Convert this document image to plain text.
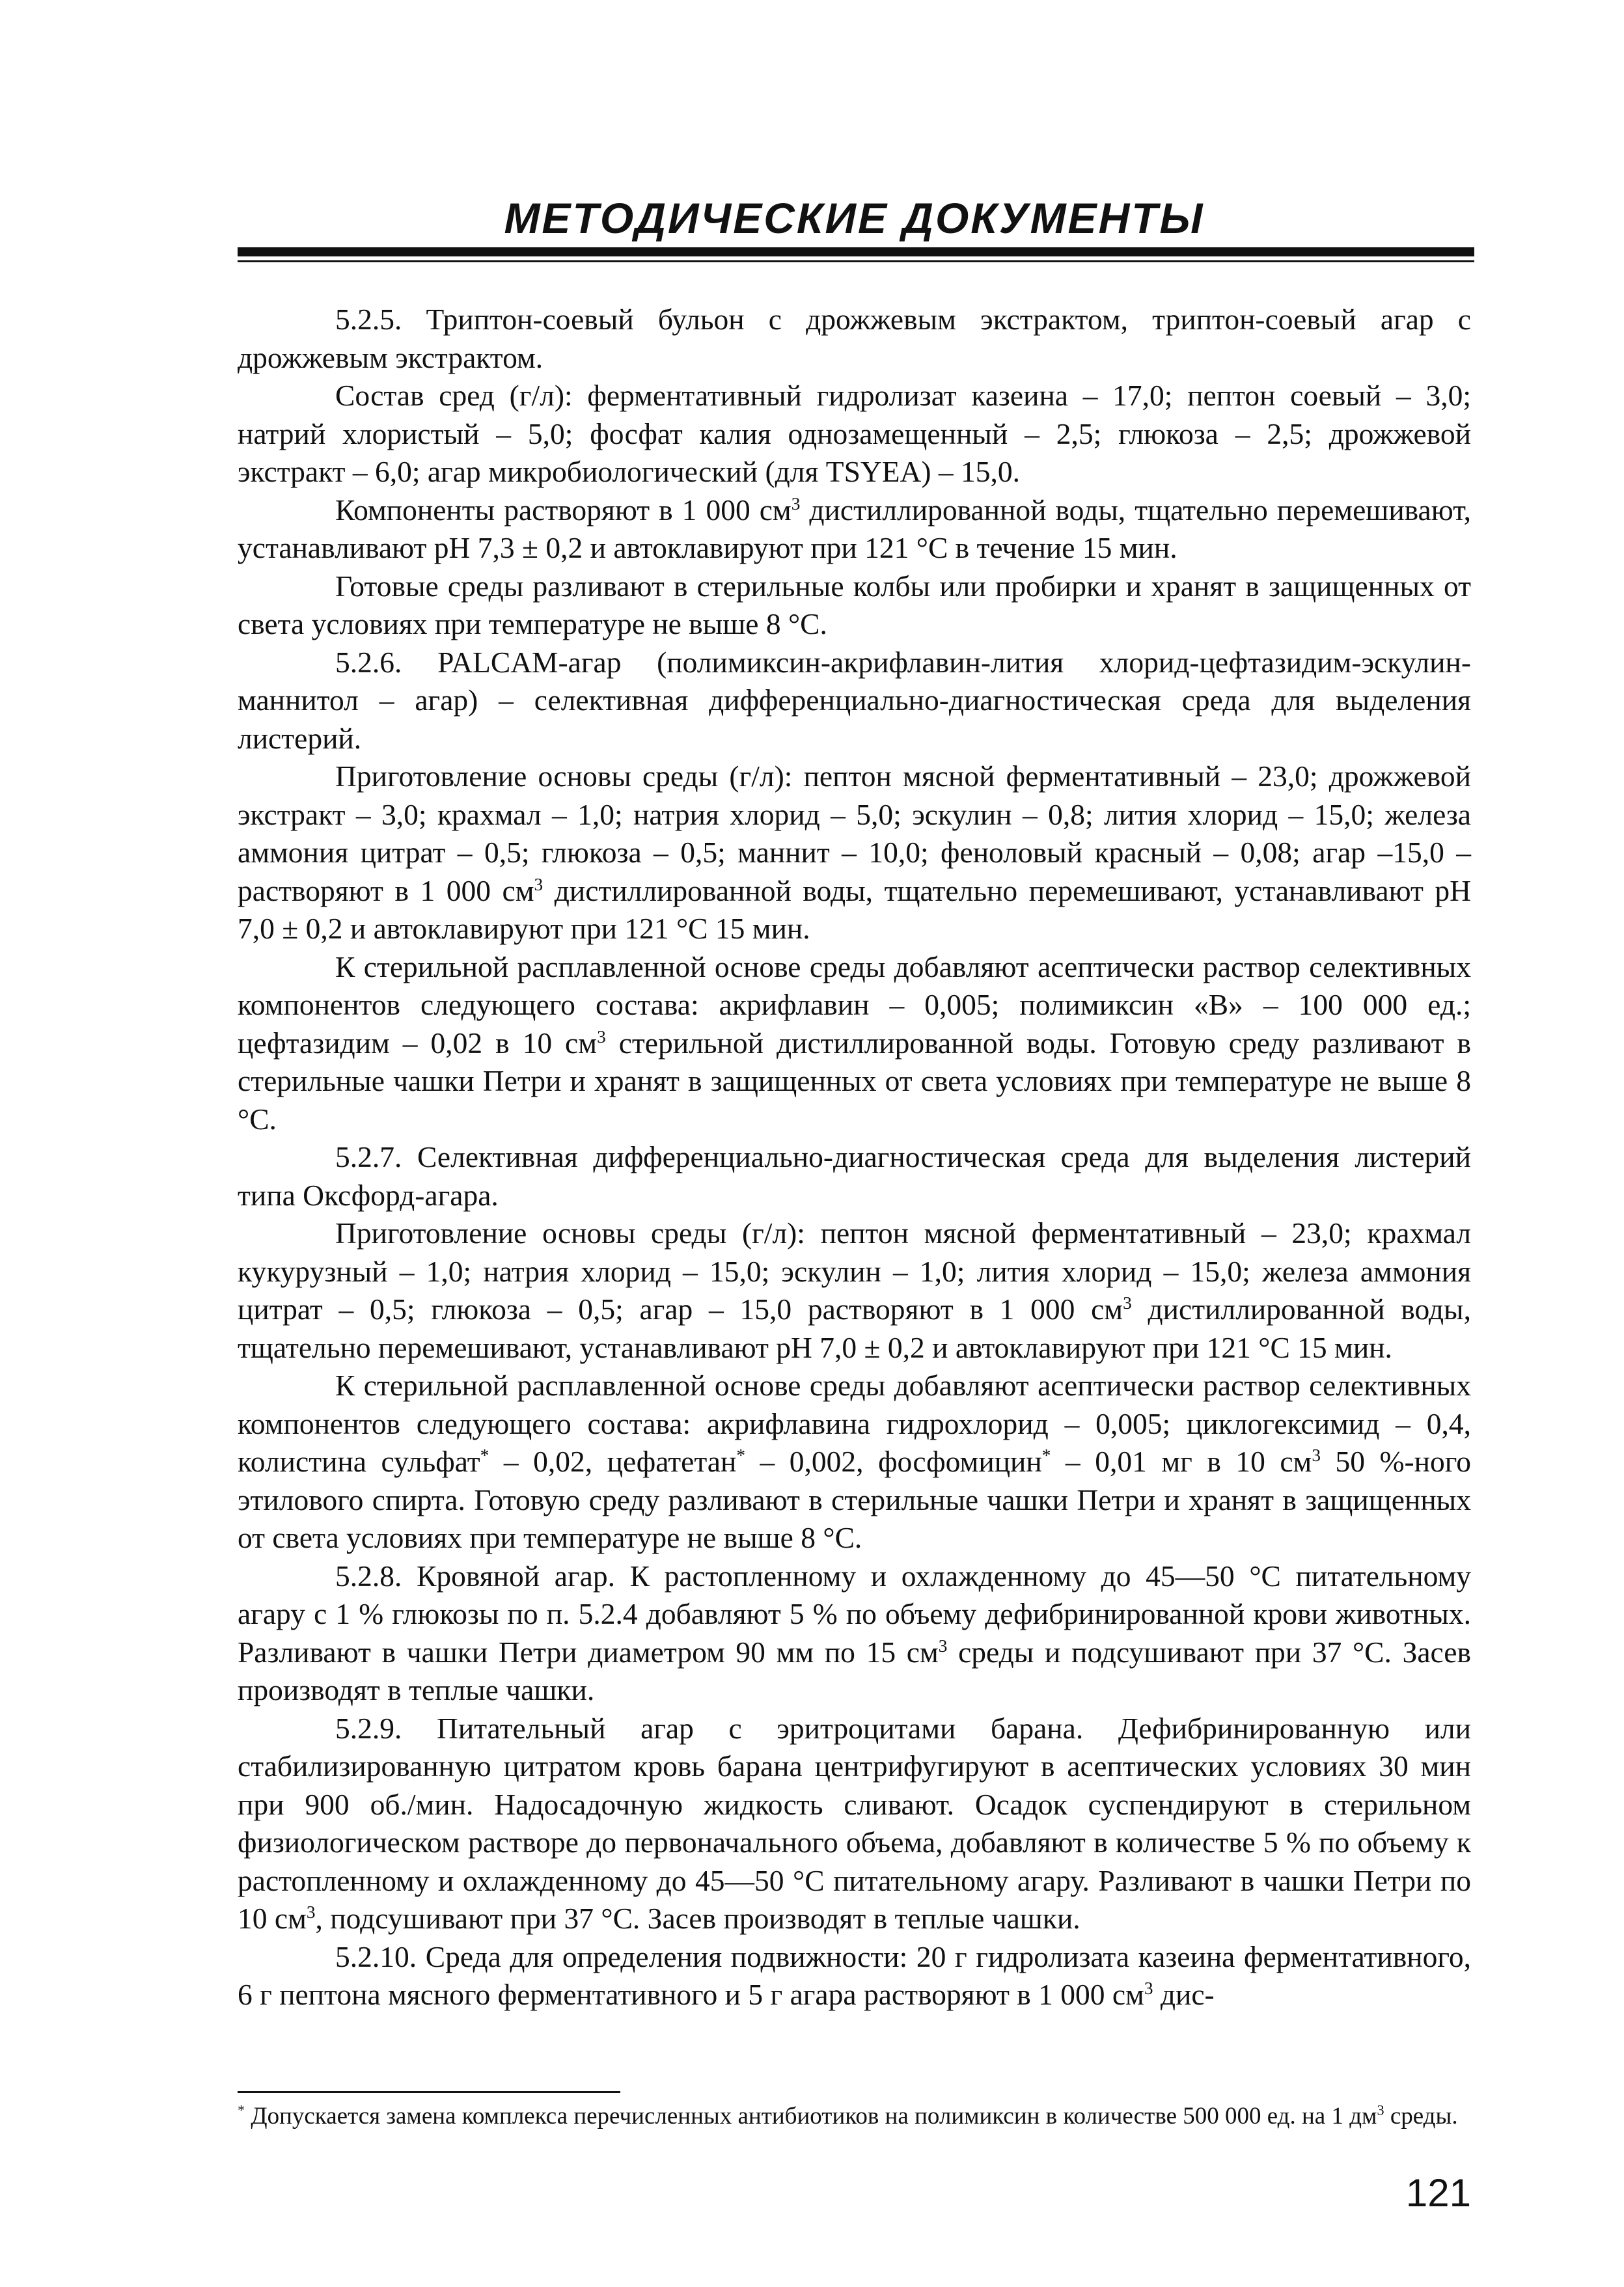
МЕТОДИЧЕСКИЕ ДОКУМЕНТЫ

5.2.5. Триптон-соевый бульон с дрожжевым экстрактом, триптон-соевый агар с дрожжевым экстрактом.

Состав сред (г/л): ферментативный гидролизат казеина – 17,0; пептон соевый – 3,0; натрий хлористый – 5,0; фосфат калия однозамещенный – 2,5; глюкоза – 2,5; дрожжевой экстракт – 6,0; агар микробиологический (для TSYEA) – 15,0.

Компоненты растворяют в 1 000 $см^3$ дистиллированной воды, тщательно перемешивают, устанавливают pH 7,3 ± 0,2 и автоклавируют при 121 °С в течение 15 мин.

Готовые среды разливают в стерильные колбы или пробирки и хранят в защищенных от света условиях при температуре не выше 8 °С.

5.2.6. PALCAM-агар (полимиксин-акрифлавин-лития хлорид-цефтазидим-эскулин-маннитол – агар) – селективная дифференциально-диагностическая среда для выделения листерий.

Приготовление основы среды (г/л): пептон мясной ферментативный – 23,0; дрожжевой экстракт – 3,0; крахмал – 1,0; натрия хлорид – 5,0; эскулин – 0,8; лития хлорид – 15,0; железа аммония цитрат – 0,5; глюкоза – 0,5; маннит – 10,0; феноловый красный – 0,08; агар –15,0 – растворяют в 1 000 $см^3$ дистиллированной воды, тщательно перемешивают, устанавливают pH 7,0 ± 0,2 и автоклавируют при 121 °С 15 мин.

К стерильной расплавленной основе среды добавляют асептически раствор селективных компонентов следующего состава: акрифлавин – 0,005; полимиксин «В» – 100 000 ед.; цефтазидим – 0,02 в 10 $см^3$ стерильной дистиллированной воды. Готовую среду разливают в стерильные чашки Петри и хранят в защищенных от света условиях при температуре не выше 8 °С.

5.2.7. Селективная дифференциально-диагностическая среда для выделения листерий типа Оксфорд-агара.

Приготовление основы среды (г/л): пептон мясной ферментативный – 23,0; крахмал кукурузный – 1,0; натрия хлорид – 15,0; эскулин – 1,0; лития хлорид – 15,0; железа аммония цитрат – 0,5; глюкоза – 0,5; агар – 15,0 растворяют в 1 000 $см^3$ дистиллированной воды, тщательно перемешивают, устанавливают pH 7,0 ± 0,2 и автоклавируют при 121 °С 15 мин.

К стерильной расплавленной основе среды добавляют асептически раствор селективных компонентов следующего состава: акрифлавина гидрохлорид – 0,005; циклогексимид – 0,4, колистина сульфат* – 0,02, цефатетан* – 0,002, фосфомицин* – 0,01 мг в 10 $см^3$ 50 %-ного этилового спирта. Готовую среду разливают в стерильные чашки Петри и хранят в защищенных от света условиях при температуре не выше 8 °С.

5.2.8. Кровяной агар. К растопленному и охлажденному до 45—50 °С питательному агару с 1 % глюкозы по п. 5.2.4 добавляют 5 % по объему дефибринированной крови животных. Разливают в чашки Петри диаметром 90 мм по 15 $см^3$ среды и подсушивают при 37 °С. Засев производят в теплые чашки.

5.2.9. Питательный агар с эритроцитами барана. Дефибринированную или стабилизированную цитратом кровь барана центрифугируют в асептических условиях 30 мин при 900 об./мин. Надосадочную жидкость сливают. Осадок суспендируют в стерильном физиологическом растворе до первоначального объема, добавляют в количестве 5 % по объему к растопленному и охлажденному до 45—50 °С питательному агару. Разливают в чашки Петри по 10 $см^3$, подсушивают при 37 °С. Засев производят в теплые чашки.

5.2.10. Среда для определения подвижности: 20 г гидролизата казеина ферментативного, 6 г пептона мясного ферментативного и 5 г агара растворяют в 1 000 $см^3$ дис-

* Допускается замена комплекса перечисленных антибиотиков на полимиксин в количестве 500 000 ед. на 1 $дм^3$ среды.
121
